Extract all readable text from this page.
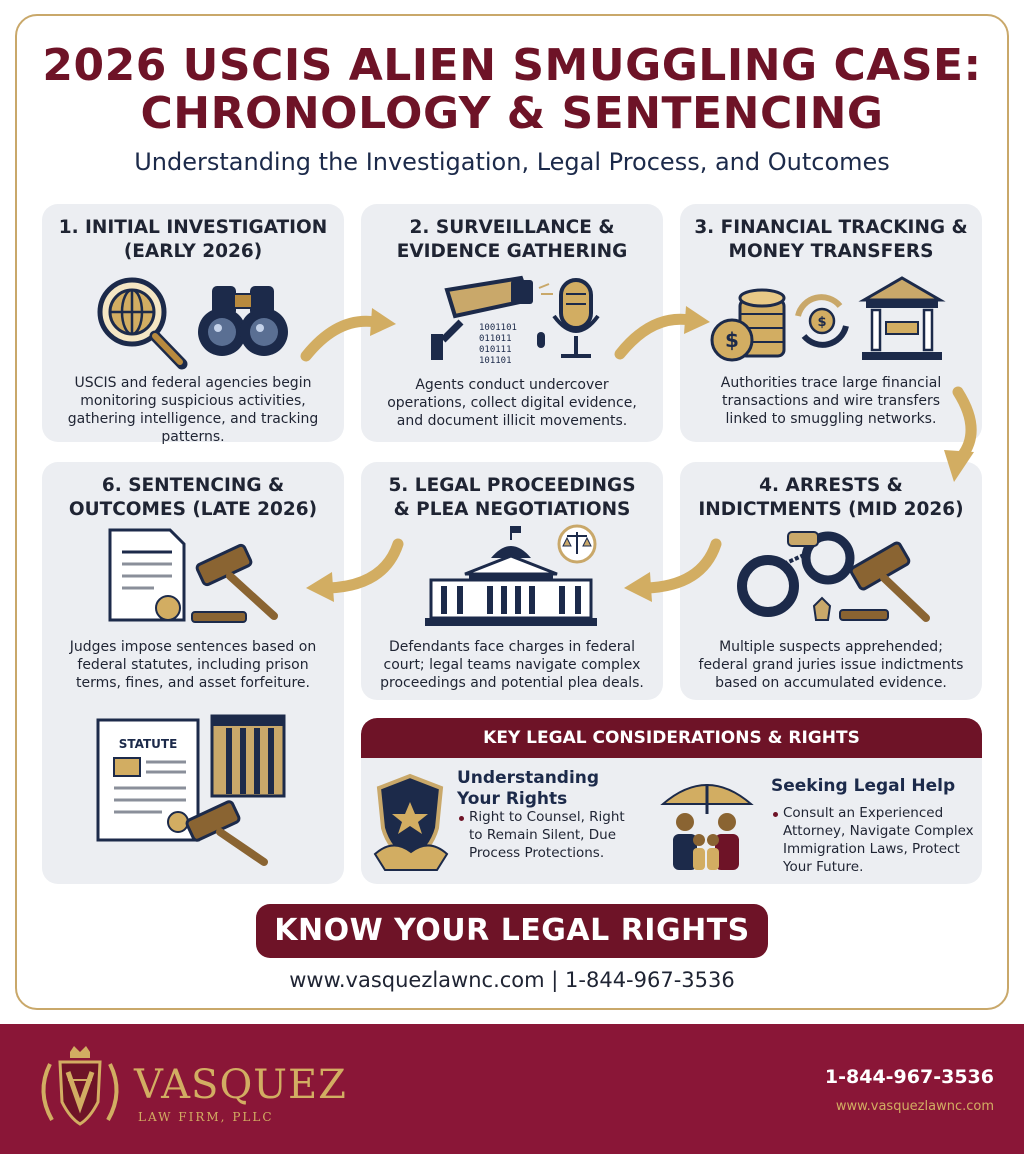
2026 USCIS ALIEN SMUGGLING CASE:
CHRONOLOGY & SENTENCING
Understanding the Investigation, Legal Process, and Outcomes
1. INITIAL INVESTIGATION
(EARLY 2026)
USCIS and federal agencies begin
monitoring suspicious activities,
gathering intelligence, and tracking
patterns.
2. SURVEILLANCE &
EVIDENCE GATHERING
1001101
011011
010111
101101
Agents conduct undercover
operations, collect digital evidence,
and document illicit movements.
3. FINANCIAL TRACKING &
MONEY TRANSFERS
$
$
Authorities trace large financial
transactions and wire transfers
linked to smuggling networks.
4. ARRESTS &
INDICTMENTS (MID 2026)
Multiple suspects apprehended;
federal grand juries issue indictments
based on accumulated evidence.
5. LEGAL PROCEEDINGS
& PLEA NEGOTIATIONS
Defendants face charges in federal
court; legal teams navigate complex
proceedings and potential plea deals.
6. SENTENCING &
OUTCOMES (LATE 2026)
Judges impose sentences based on
federal statutes, including prison
terms, fines, and asset forfeiture.
STATUTE	KEY LEGAL CONSIDERATIONS & RIGHTS
Understanding
Your Rights
Right to Counsel, Right
to Remain Silent, Due
Process Protections.
Seeking Legal Help
Consult an Experienced
Attorney, Navigate Complex
Immigration Laws, Protect
Your Future.
KNOW YOUR LEGAL RIGHTS
www.vasquezlawnc.com | 1-844-967-3536
VASQUEZ
LAW FIRM, PLLC
1-844-967-3536
www.vasquezlawnc.com
